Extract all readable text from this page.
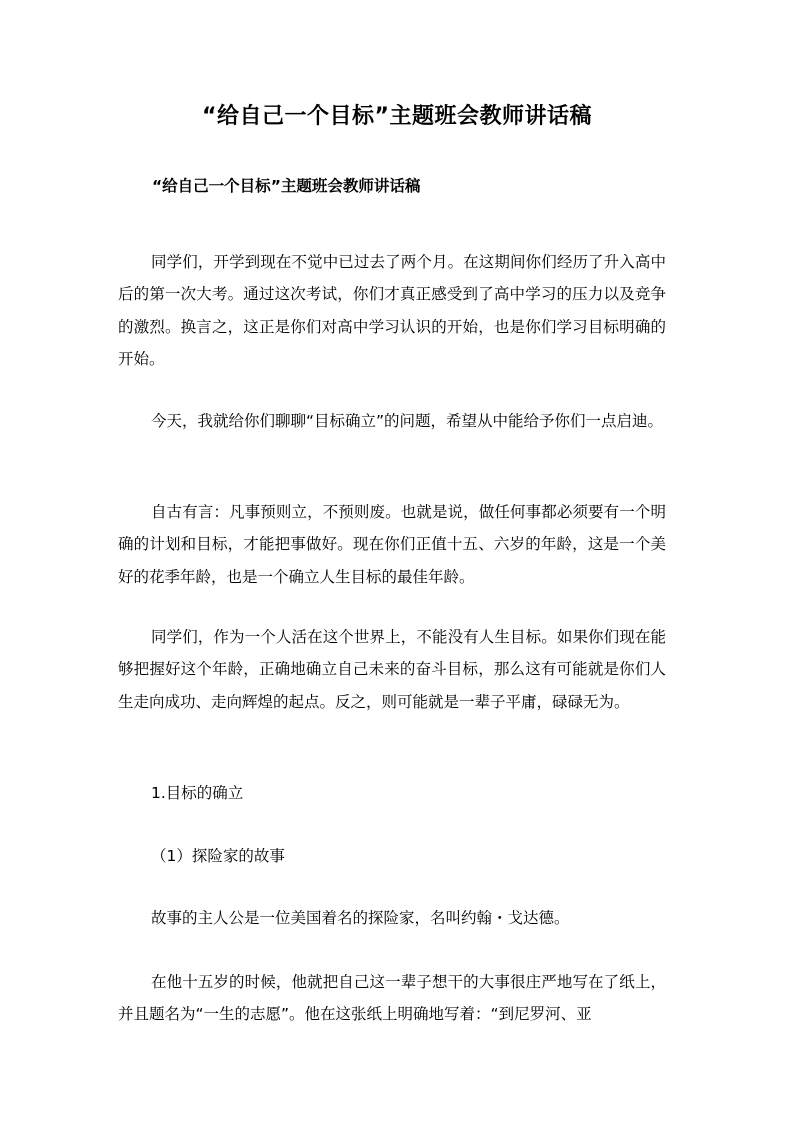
“给自己一个目标”主题班会教师讲话稿
“给自己一个目标”主题班会教师讲话稿

同学们，开学到现在不觉中已过去了两个月。在这期间你们经历了升入高中后的第一次大考。通过这次考试，你们才真正感受到了高中学习的压力以及竞争的激烈。换言之，这正是你们对高中学习认识的开始，也是你们学习目标明确的开始。

今天，我就给你们聊聊“目标确立”的问题，希望从中能给予你们一点启迪。

自古有言：凡事预则立，不预则废。也就是说，做任何事都必须要有一个明确的计划和目标，才能把事做好。现在你们正值十五、六岁的年龄，这是一个美好的花季年龄，也是一个确立人生目标的最佳年龄。

同学们，作为一个人活在这个世界上，不能没有人生目标。如果你们现在能够把握好这个年龄，正确地确立自己未来的奋斗目标，那么这有可能就是你们人生走向成功、走向辉煌的起点。反之，则可能就是一辈子平庸，碌碌无为。

1.目标的确立

（1）探险家的故事

故事的主人公是一位美国着名的探险家，名叫约翰・戈达德。

在他十五岁的时候，他就把自己这一辈子想干的大事很庄严地写在了纸上，并且题名为“一生的志愿”。他在这张纸上明确地写着：“到尼罗河、亚
